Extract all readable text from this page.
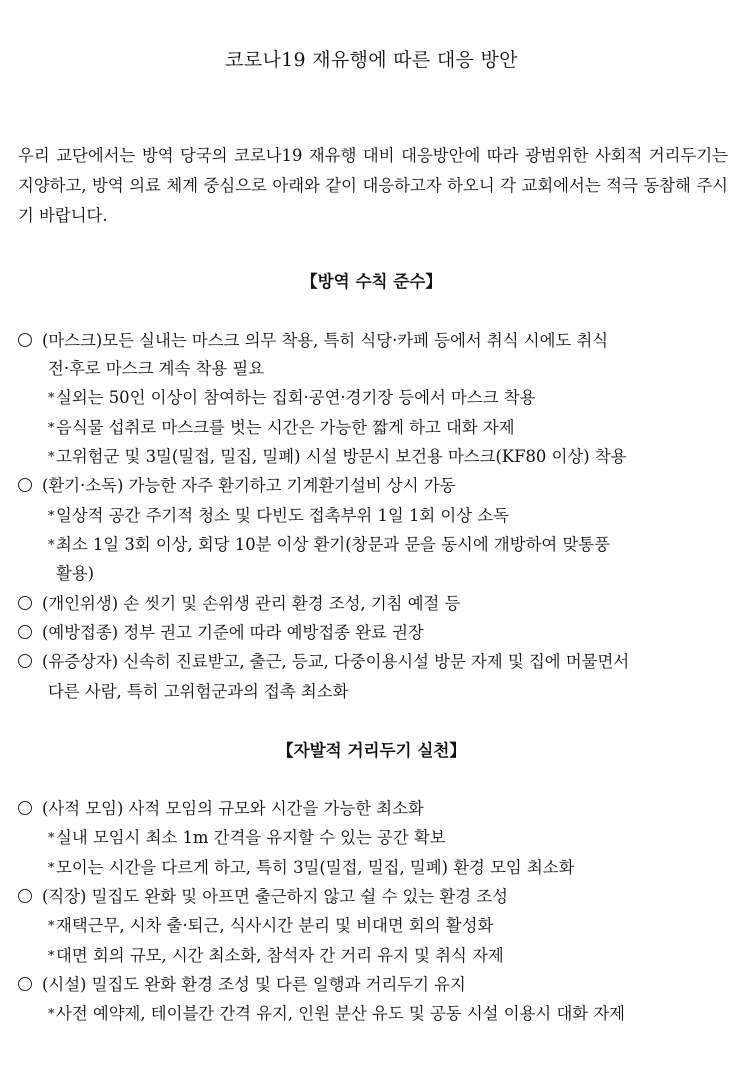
코로나19 재유행에 따른 대응 방안
우리 교단에서는 방역 당국의 코로나19 재유행 대비 대응방안에 따라 광범위한 사회적 거리두기는 지양하고, 방역 의료 체계 중심으로 아래와 같이 대응하고자 하오니 각 교회에서는 적극 동참해 주시기 바랍니다.
【방역 수칙 준수】
(마스크)모든 실내는 마스크 의무 착용, 특히 식당·카페 등에서 취식 시에도 취식
전·후로 마스크 계속 착용 필요
*실외는 50인 이상이 참여하는 집회·공연·경기장 등에서 마스크 착용
*음식물 섭취로 마스크를 벗는 시간은 가능한 짧게 하고 대화 자제
*고위험군 및 3밀(밀접, 밀집, 밀폐) 시설 방문시 보건용 마스크(KF80 이상) 착용
(환기·소독) 가능한 자주 환기하고 기계환기설비 상시 가동
*일상적 공간 주기적 청소 및 다빈도 접촉부위 1일 1회 이상 소독
*최소 1일 3회 이상, 회당 10분 이상 환기(창문과 문을 동시에 개방하여 맞통풍
활용)
(개인위생) 손 씻기 및 손위생 관리 환경 조성, 기침 예절 등
(예방접종) 정부 권고 기준에 따라 예방접종 완료 권장
(유증상자) 신속히 진료받고, 출근, 등교, 다중이용시설 방문 자제 및 집에 머물면서
다른 사람, 특히 고위험군과의 접촉 최소화
【자발적 거리두기 실천】
(사적 모임) 사적 모임의 규모와 시간을 가능한 최소화
*실내 모임시 최소 1m 간격을 유지할 수 있는 공간 확보
*모이는 시간을 다르게 하고, 특히 3밀(밀접, 밀집, 밀폐) 환경 모임 최소화
(직장) 밀집도 완화 및 아프면 출근하지 않고 쉴 수 있는 환경 조성
*재택근무, 시차 출·퇴근, 식사시간 분리 및 비대면 회의 활성화
*대면 회의 규모, 시간 최소화, 참석자 간 거리 유지 및 취식 자제
(시설) 밀집도 완화 환경 조성 및 다른 일행과 거리두기 유지
*사전 예약제, 테이블간 간격 유지, 인원 분산 유도 및 공동 시설 이용시 대화 자제
